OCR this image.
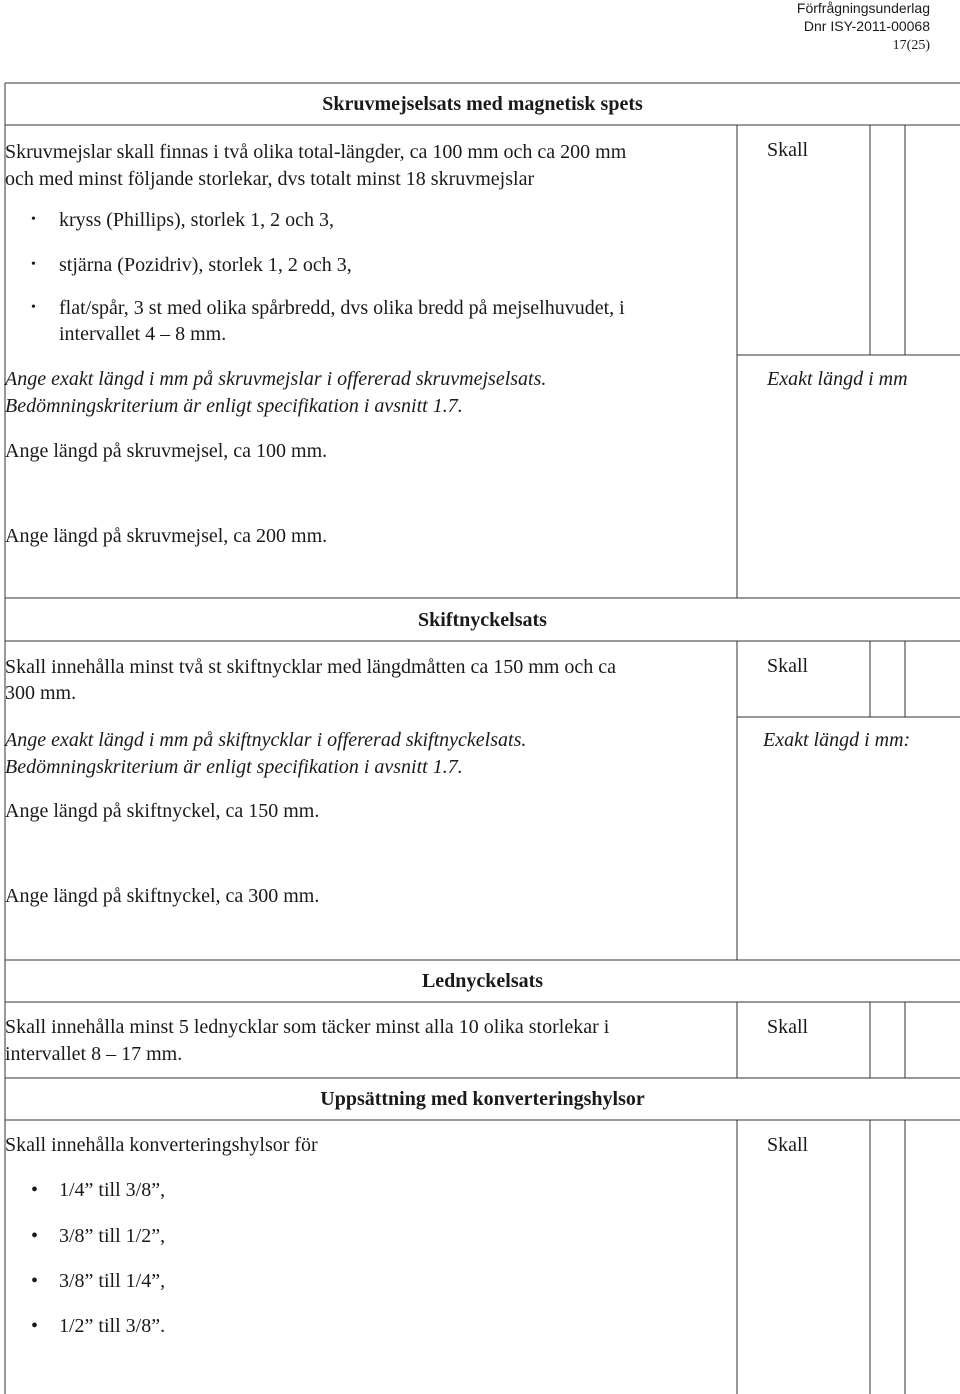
Förfrågningsunderlag
Dnr ISY-2011-00068
17(25)
Skruvmejselsats med magnetisk spets
Skruvmejslar skall finnas i två olika total-längder, ca 100 mm och ca 200 mm
och med minst följande storlekar, dvs totalt minst 18 skruvmejslar
Skall
• kryss (Phillips), storlek 1, 2 och 3,
• stjärna (Pozidriv), storlek 1, 2 och 3,
• flat/spår, 3 st med olika spårbredd, dvs olika bredd på mejselhuvudet, i
intervallet 4 – 8 mm.
Ange exakt längd i mm på skruvmejslar i offererad skruvmejselsats.
Bedömningskriterium är enligt specifikation i avsnitt 1.7.
Exakt längd i mm
Ange längd på skruvmejsel, ca 100 mm.
Ange längd på skruvmejsel, ca 200 mm.
Skiftnyckelsats
Skall innehålla minst två st skiftnycklar med längdmåtten ca 150 mm och ca
300 mm.
Skall
Ange exakt längd i mm på skiftnycklar i offererad skiftnyckelsats.
Bedömningskriterium är enligt specifikation i avsnitt 1.7.
Exakt längd i mm:
Ange längd på skiftnyckel, ca 150 mm.
Ange längd på skiftnyckel, ca 300 mm.
Lednyckelsats
Skall innehålla minst 5 lednycklar som täcker minst alla 10 olika storlekar i
intervallet 8 – 17 mm.
Skall
Uppsättning med konverteringshylsor
Skall innehålla konverteringshylsor för	Skall
• 1/4” till 3/8”,
• 3/8” till 1/2”,
• 3/8” till 1/4”,
• 1/2” till 3/8”.
